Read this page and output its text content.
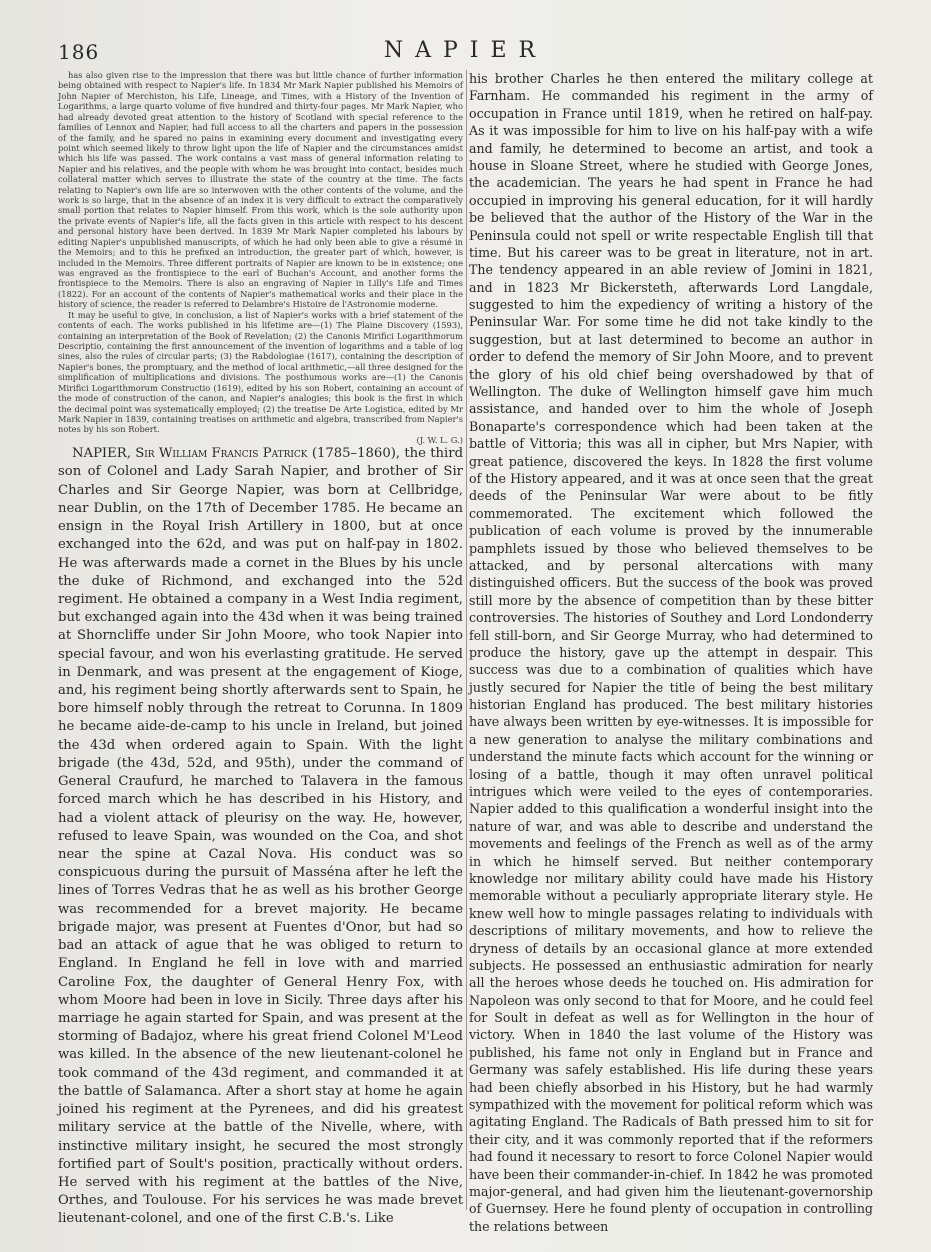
186	NAPIER

has also given rise to the impression that there was but little chance of further information being obtained with respect to Napier's life. In 1834 Mr Mark Napier published his Memoirs of John Napier of Merchiston, his Life, Lineage, and Times, with a History of the Invention of Logarithms, a large quarto volume of five hundred and thirty-four pages. Mr Mark Napier, who had already devoted great attention to the history of Scotland with special reference to the families of Lennox and Napier, had full access to all the charters and papers in the possession of the family, and he spared no pains in examining every document and investigating every point which seemed likely to throw light upon the life of Napier and the circumstances amidst which his life was passed. The work contains a vast mass of general information relating to Napier and his relatives, and the people with whom he was brought into contact, besides much collateral matter which serves to illustrate the state of the country at the time. The facts relating to Napier's own life are so interwoven with the other contents of the volume, and the work is so large, that in the absence of an index it is very difficult to extract the comparatively small portion that relates to Napier himself. From this work, which is the sole authority upon the private events of Napier's life, all the facts given in this article with respect to his descent and personal history have been derived. In 1839 Mr Mark Napier completed his labours by editing Napier's unpublished manuscripts, of which he had only been able to give a résumé in the Memoirs; and to this he prefixed an introduction, the greater part of which, however, is included in the Memoirs. Three different portraits of Napier are known to be in existence; one was engraved as the frontispiece to the earl of Buchan's Account, and another forms the frontispiece to the Memoirs. There is also an engraving of Napier in Lilly's Life and Times (1822). For an account of the contents of Napier's mathematical works and their place in the history of science, the reader is referred to Delambre's Histoire de l'Astronomie moderne.

It may be useful to give, in conclusion, a list of Napier's works with a brief statement of the contents of each. The works published in his lifetime are—(1) The Plaine Discovery (1593), containing an interpretation of the Book of Revelation; (2) the Canonis Mirifici Logarithmorum Descriptio, containing the first announcement of the invention of logarithms and a table of log sines, also the rules of circular parts; (3) the Rabdologiae (1617), containing the description of Napier's bones, the promptuary, and the method of local arithmetic,—all three designed for the simplification of multiplications and divisions. The posthumous works are—(1) the Canonis Mirifici Logarithmorum Constructio (1619), edited by his son Robert, containing an account of the mode of construction of the canon, and Napier's analogies; this book is the first in which the decimal point was systematically employed; (2) the treatise De Arte Logistica, edited by Mr Mark Napier in 1839, containing treatises on arithmetic and algebra, transcribed from Napier's notes by his son Robert.

(J. W. L. G.)

NAPIER, Sir William Francis Patrick (1785–1860), the third son of Colonel and Lady Sarah Napier, and brother of Sir Charles and Sir George Napier, was born at Cellbridge, near Dublin, on the 17th of December 1785. He became an ensign in the Royal Irish Artillery in 1800, but at once exchanged into the 62d, and was put on half-pay in 1802. He was afterwards made a cornet in the Blues by his uncle the duke of Richmond, and exchanged into the 52d regiment. He obtained a company in a West India regiment, but exchanged again into the 43d when it was being trained at Shorncliffe under Sir John Moore, who took Napier into special favour, and won his everlasting gratitude. He served in Denmark, and was present at the engagement of Kioge, and, his regiment being shortly afterwards sent to Spain, he bore himself nobly through the retreat to Corunna. In 1809 he became aide-de-camp to his uncle in Ireland, but joined the 43d when ordered again to Spain. With the light brigade (the 43d, 52d, and 95th), under the command of General Craufurd, he marched to Talavera in the famous forced march which he has described in his History, and had a violent attack of pleurisy on the way. He, however, refused to leave Spain, was wounded on the Coa, and shot near the spine at Cazal Nova. His conduct was so conspicuous during the pursuit of Masséna after he left the lines of Torres Vedras that he as well as his brother George was recommended for a brevet majority. He became brigade major, was present at Fuentes d'Onor, but had so bad an attack of ague that he was obliged to return to England. In England he fell in love with and married Caroline Fox, the daughter of General Henry Fox, with whom Moore had been in love in Sicily. Three days after his marriage he again started for Spain, and was present at the storming of Badajoz, where his great friend Colonel M'Leod was killed. In the absence of the new lieutenant-colonel he took command of the 43d regiment, and commanded it at the battle of Salamanca. After a short stay at home he again joined his regiment at the Pyrenees, and did his greatest military service at the battle of the Nivelle, where, with instinctive military insight, he secured the most strongly fortified part of Soult's position, practically without orders. He served with his regiment at the battles of the Nive, Orthes, and Toulouse. For his services he was made brevet lieutenant-colonel, and one of the first C.B.'s. Like

his brother Charles he then entered the military college at Farnham. He commanded his regiment in the army of occupation in France until 1819, when he retired on half-pay. As it was impossible for him to live on his half-pay with a wife and family, he determined to become an artist, and took a house in Sloane Street, where he studied with George Jones, the academician. The years he had spent in France he had occupied in improving his general education, for it will hardly be believed that the author of the History of the War in the Peninsula could not spell or write respectable English till that time. But his career was to be great in literature, not in art. The tendency appeared in an able review of Jomini in 1821, and in 1823 Mr Bickersteth, afterwards Lord Langdale, suggested to him the expediency of writing a history of the Peninsular War. For some time he did not take kindly to the suggestion, but at last determined to become an author in order to defend the memory of Sir John Moore, and to prevent the glory of his old chief being overshadowed by that of Wellington. The duke of Wellington himself gave him much assistance, and handed over to him the whole of Joseph Bonaparte's correspondence which had been taken at the battle of Vittoria; this was all in cipher, but Mrs Napier, with great patience, discovered the keys. In 1828 the first volume of the History appeared, and it was at once seen that the great deeds of the Peninsular War were about to be fitly commemorated. The excitement which followed the publication of each volume is proved by the innumerable pamphlets issued by those who believed themselves to be attacked, and by personal altercations with many distinguished officers. But the success of the book was proved still more by the absence of competition than by these bitter controversies. The histories of Southey and Lord Londonderry fell still-born, and Sir George Murray, who had determined to produce the history, gave up the attempt in despair. This success was due to a combination of qualities which have justly secured for Napier the title of being the best military historian England has produced. The best military histories have always been written by eye-witnesses. It is impossible for a new generation to analyse the military combinations and understand the minute facts which account for the winning or losing of a battle, though it may often unravel political intrigues which were veiled to the eyes of contemporaries. Napier added to this qualification a wonderful insight into the nature of war, and was able to describe and understand the movements and feelings of the French as well as of the army in which he himself served. But neither contemporary knowledge nor military ability could have made his History memorable without a peculiarly appropriate literary style. He knew well how to mingle passages relating to individuals with descriptions of military movements, and how to relieve the dryness of details by an occasional glance at more extended subjects. He possessed an enthusiastic admiration for nearly all the heroes whose deeds he touched on. His admiration for Napoleon was only second to that for Moore, and he could feel for Soult in defeat as well as for Wellington in the hour of victory. When in 1840 the last volume of the History was published, his fame not only in England but in France and Germany was safely established. His life during these years had been chiefly absorbed in his History, but he had warmly sympathized with the movement for political reform which was agitating England. The Radicals of Bath pressed him to sit for their city, and it was commonly reported that if the reformers had found it necessary to resort to force Colonel Napier would have been their commander-in-chief. In 1842 he was promoted major-general, and had given him the lieutenant-governorship of Guernsey. Here he found plenty of occupation in controlling the relations between
